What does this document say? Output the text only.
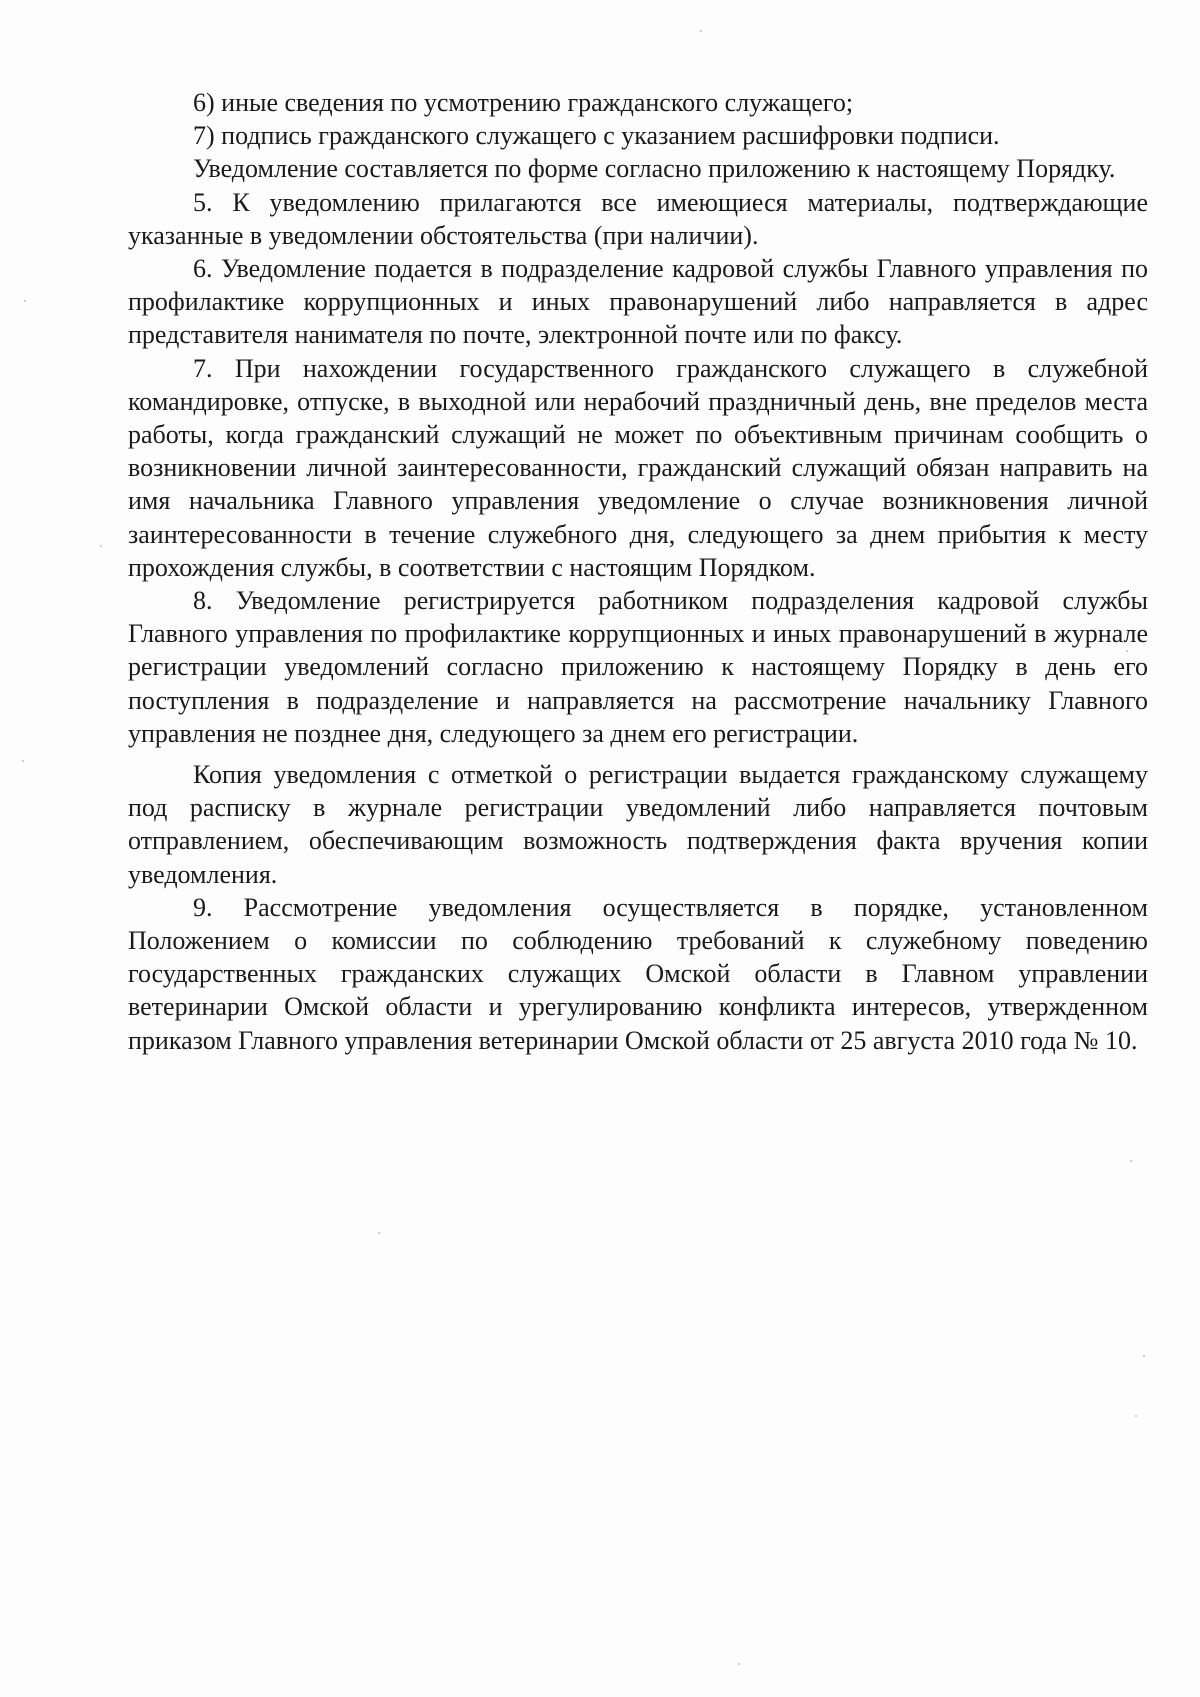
6) иные сведения по усмотрению гражданского служащего;

7) подпись гражданского служащего с указанием расшифровки подписи.

Уведомление составляется по форме согласно приложению к настоящему Порядку.

5. К уведомлению прилагаются все имеющиеся материалы, подтверждающие указанные в уведомлении обстоятельства (при наличии).

6. Уведомление подается в подразделение кадровой службы Главного управления по профилактике коррупционных и иных правонарушений либо направляется в адрес представителя нанимателя по почте, электронной почте или по факсу.

7. При нахождении государственного гражданского служащего в служебной командировке, отпуске, в выходной или нерабочий праздничный день, вне пределов места работы, когда гражданский служащий не может по объективным причинам сообщить о возникновении личной заинтересованности, гражданский служащий обязан направить на имя начальника Главного управления уведомление о случае возникновения личной заинтересованности в течение служебного дня, следующего за днем прибытия к месту прохождения службы, в соответствии с настоящим Порядком.

8. Уведомление регистрируется работником подразделения кадровой службы Главного управления по профилактике коррупционных и иных правонарушений в журнале регистрации уведомлений согласно приложению к настоящему Порядку в день его поступления в подразделение и направляется на рассмотрение начальнику Главного управления не позднее дня, следующего за днем его регистрации.

Копия уведомления с отметкой о регистрации выдается гражданскому служащему под расписку в журнале регистрации уведомлений либо направляется почтовым отправлением, обеспечивающим возможность подтверждения факта вручения копии уведомления.

9. Рассмотрение уведомления осуществляется в порядке, установленном Положением о комиссии по соблюдению требований к служебному поведению государственных гражданских служащих Омской области в Главном управлении ветеринарии Омской области и урегулированию конфликта интересов, утвержденном приказом Главного управления ветеринарии Омской области от 25 августа 2010 года № 10.
